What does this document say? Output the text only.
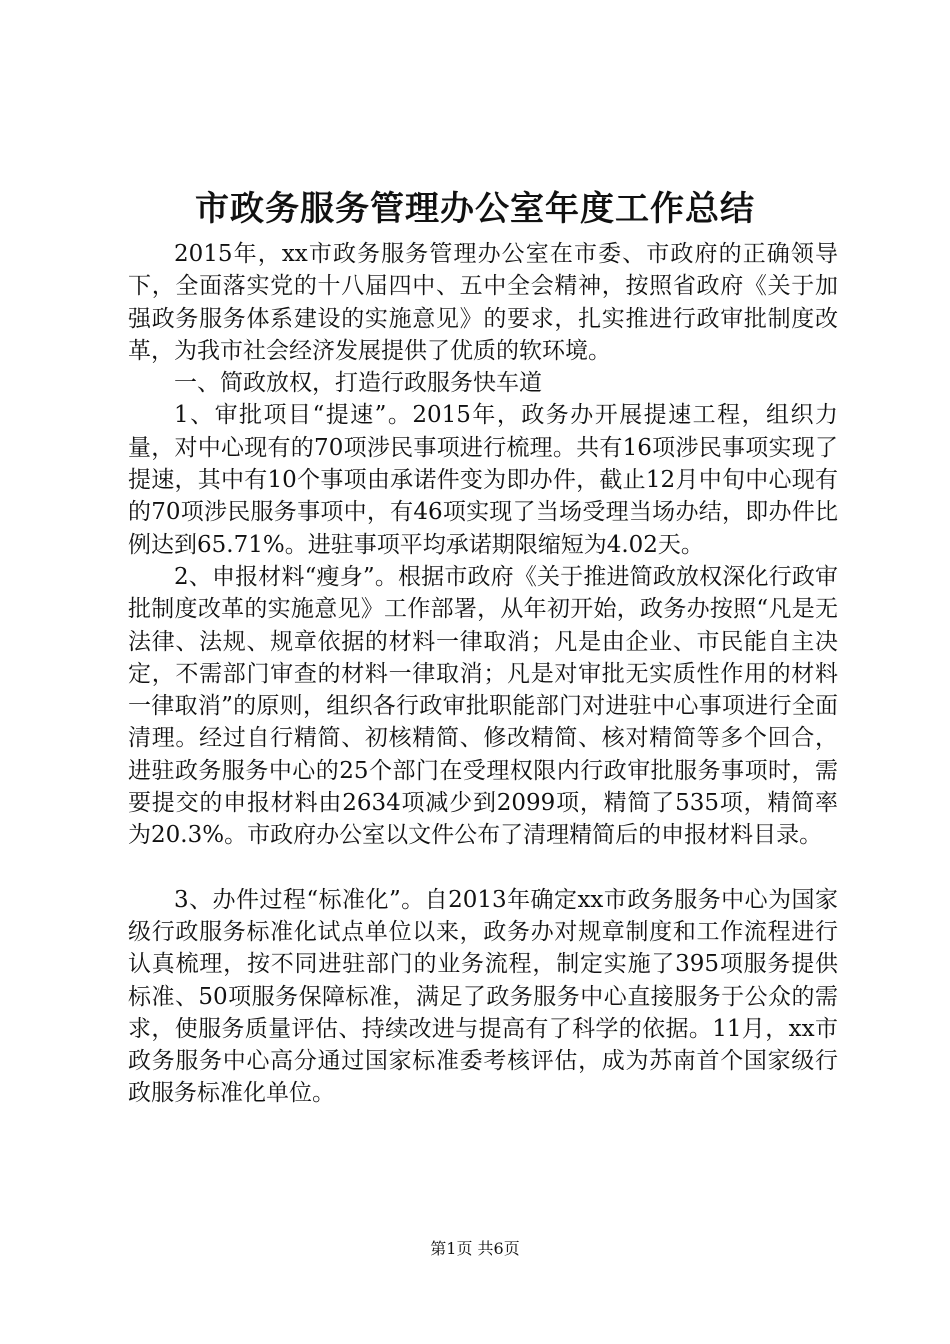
市政务服务管理办公室年度工作总结

2015年，xx市政务服务管理办公室在市委、市政府的正确领导下，全面落实党的十八届四中、五中全会精神，按照省政府《关于加强政务服务体系建设的实施意见》的要求，扎实推进行政审批制度改革，为我市社会经济发展提供了优质的软环境。

一、简政放权，打造行政服务快车道

1、审批项目“提速”。2015年，政务办开展提速工程，组织力量，对中心现有的70项涉民事项进行梳理。共有16项涉民事项实现了提速，其中有10个事项由承诺件变为即办件，截止12月中旬中心现有的70项涉民服务事项中，有46项实现了当场受理当场办结，即办件比例达到65.71%。进驻事项平均承诺期限缩短为4.02天。

2、申报材料“瘦身”。根据市政府《关于推进简政放权深化行政审批制度改革的实施意见》工作部署，从年初开始，政务办按照“凡是无法律、法规、规章依据的材料一律取消；凡是由企业、市民能自主决定，不需部门审查的材料一律取消；凡是对审批无实质性作用的材料一律取消”的原则，组织各行政审批职能部门对进驻中心事项进行全面清理。经过自行精简、初核精简、修改精简、核对精简等多个回合，进驻政务服务中心的25个部门在受理权限内行政审批服务事项时，需要提交的申报材料由2634项减少到2099项，精简了535项，精简率为20.3%。市政府办公室以文件公布了清理精简后的申报材料目录。

3、办件过程“标准化”。自2013年确定xx市政务服务中心为国家级行政服务标准化试点单位以来，政务办对规章制度和工作流程进行认真梳理，按不同进驻部门的业务流程，制定实施了395项服务提供标准、50项服务保障标准，满足了政务服务中心直接服务于公众的需求，使服务质量评估、持续改进与提高有了科学的依据。11月，xx市政务服务中心高分通过国家标准委考核评估，成为苏南首个国家级行政服务标准化单位。

第1页 共6页
